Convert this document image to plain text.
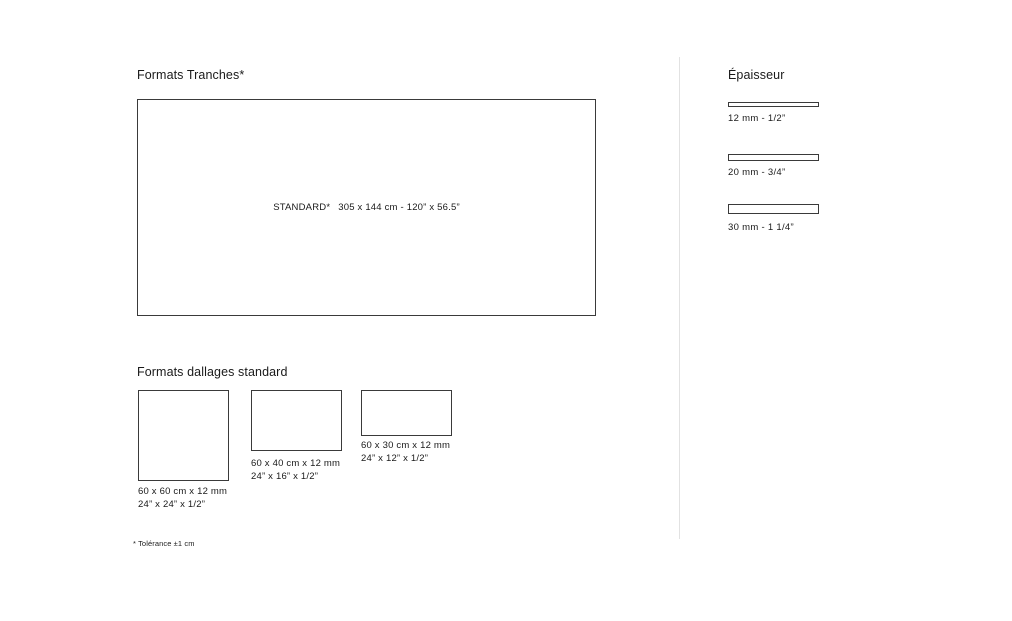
Formats Tranches*
STANDARD* 305 x 144 cm - 120” x 56.5”
Formats dallages standard
60 x 60 cm x 12 mm
24” x 24” x 1/2”
60 x 40 cm x 12 mm
24” x 16” x 1/2”
60 x 30 cm x 12 mm
24” x 12” x 1/2”
* Tolérance ±1 cm
Épaisseur
12 mm - 1/2”
20 mm - 3/4”
30 mm - 1 1/4”
